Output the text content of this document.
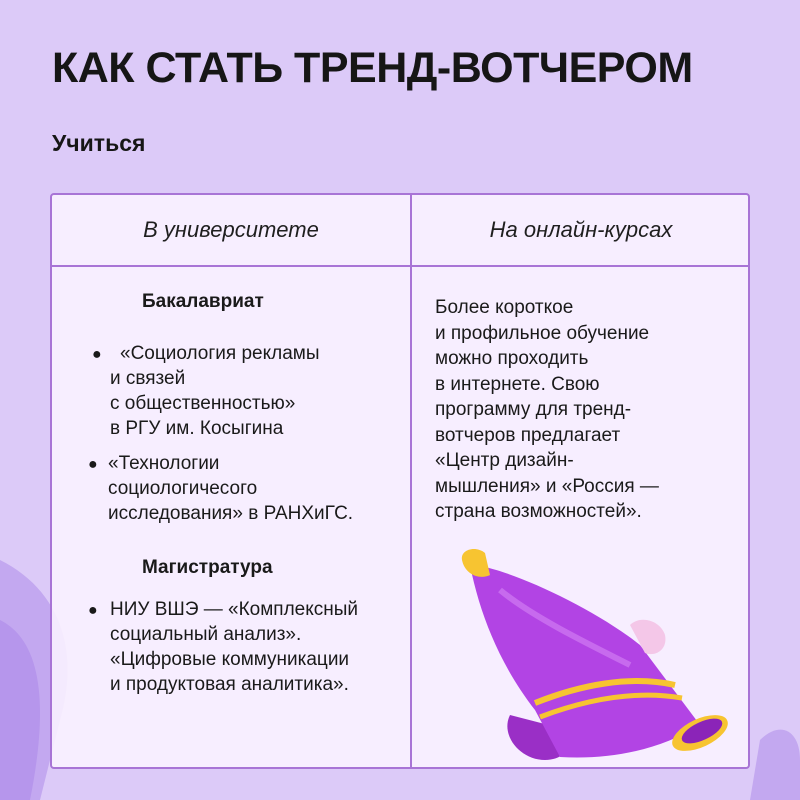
КАК СТАТЬ ТРЕНД-ВОТЧЕРОМ
Учиться
В университете	На онлайн-курсах
Бакалавриат
● «Социология рекламы
и связей
с общественностью»
в РГУ им. Косыгина
● «Технологии
социологичесого
исследования» в РАНХиГС.
Магистратура
● НИУ ВШЭ — «Комплексный
социальный анализ».
«Цифровые коммуникации
и продуктовая аналитика».
Более короткое
и профильное обучение
можно проходить
в интернете. Свою
программу для тренд-
вотчеров предлагает
«Центр дизайн-
мышления» и «Россия —
страна возможностей».
